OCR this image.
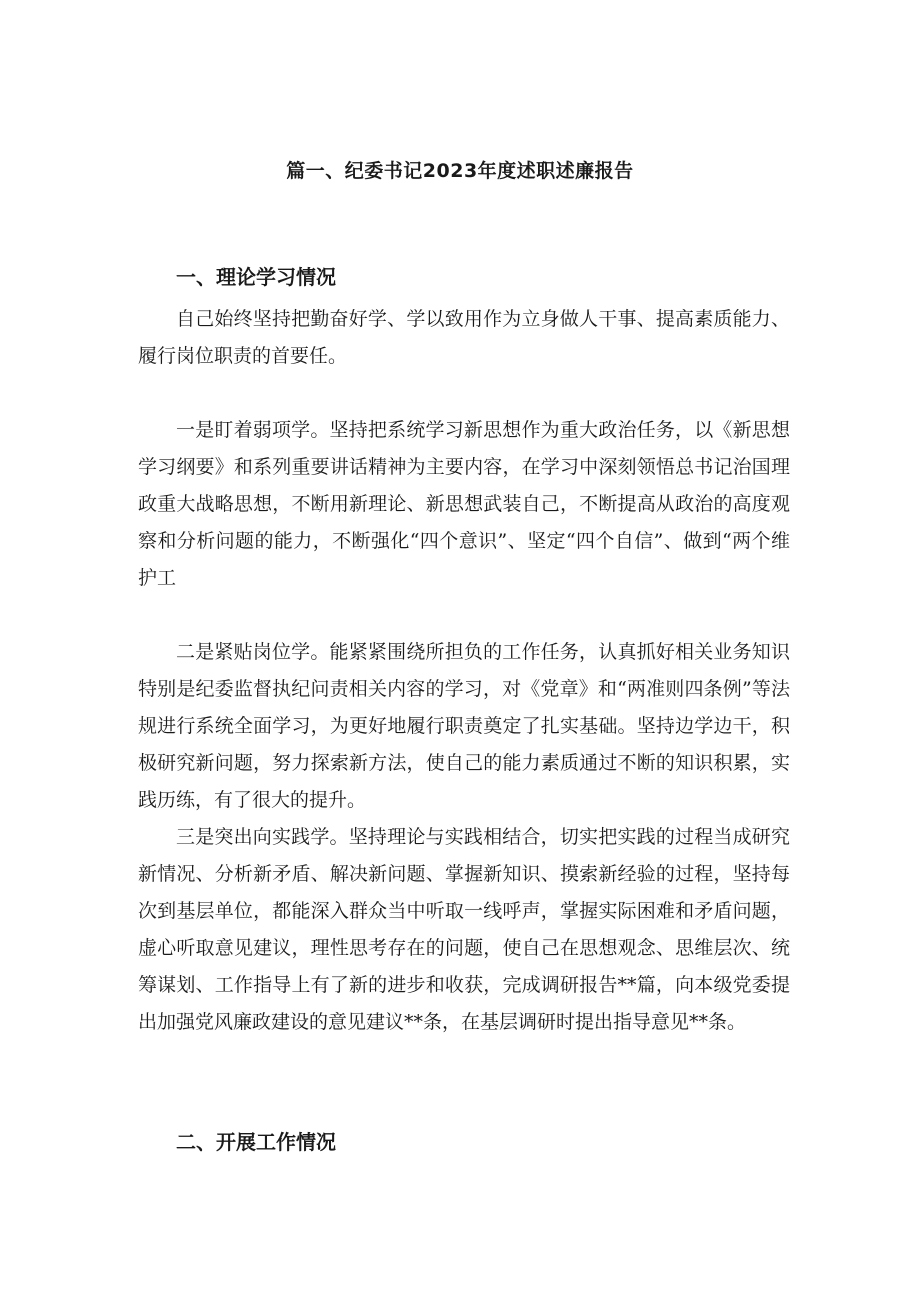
篇一、纪委书记2023年度述职述廉报告
一、理论学习情况

自己始终坚持把勤奋好学、学以致用作为立身做人干事、提高素质能力、履行岗位职责的首要任。

一是盯着弱项学。坚持把系统学习新思想作为重大政治任务，以《新思想学习纲要》和系列重要讲话精神为主要内容，在学习中深刻领悟总书记治国理政重大战略思想，不断用新理论、新思想武装自己，不断提高从政治的高度观察和分析问题的能力，不断强化“四个意识”、坚定“四个自信”、做到“两个维护工

二是紧贴岗位学。能紧紧围绕所担负的工作任务，认真抓好相关业务知识特别是纪委监督执纪问责相关内容的学习，对《党章》和“两准则四条例”等法规进行系统全面学习，为更好地履行职责奠定了扎实基础。坚持边学边干，积极研究新问题，努力探索新方法，使自己的能力素质通过不断的知识积累，实践历练，有了很大的提升。

三是突出向实践学。坚持理论与实践相结合，切实把实践的过程当成研究新情况、分析新矛盾、解决新问题、掌握新知识、摸索新经验的过程，坚持每次到基层单位，都能深入群众当中听取一线呼声，掌握实际困难和矛盾问题，虚心听取意见建议，理性思考存在的问题，使自己在思想观念、思维层次、统筹谋划、工作指导上有了新的进步和收获，完成调研报告**篇，向本级党委提出加强党风廉政建设的意见建议**条，在基层调研时提出指导意见**条。

二、开展工作情况
